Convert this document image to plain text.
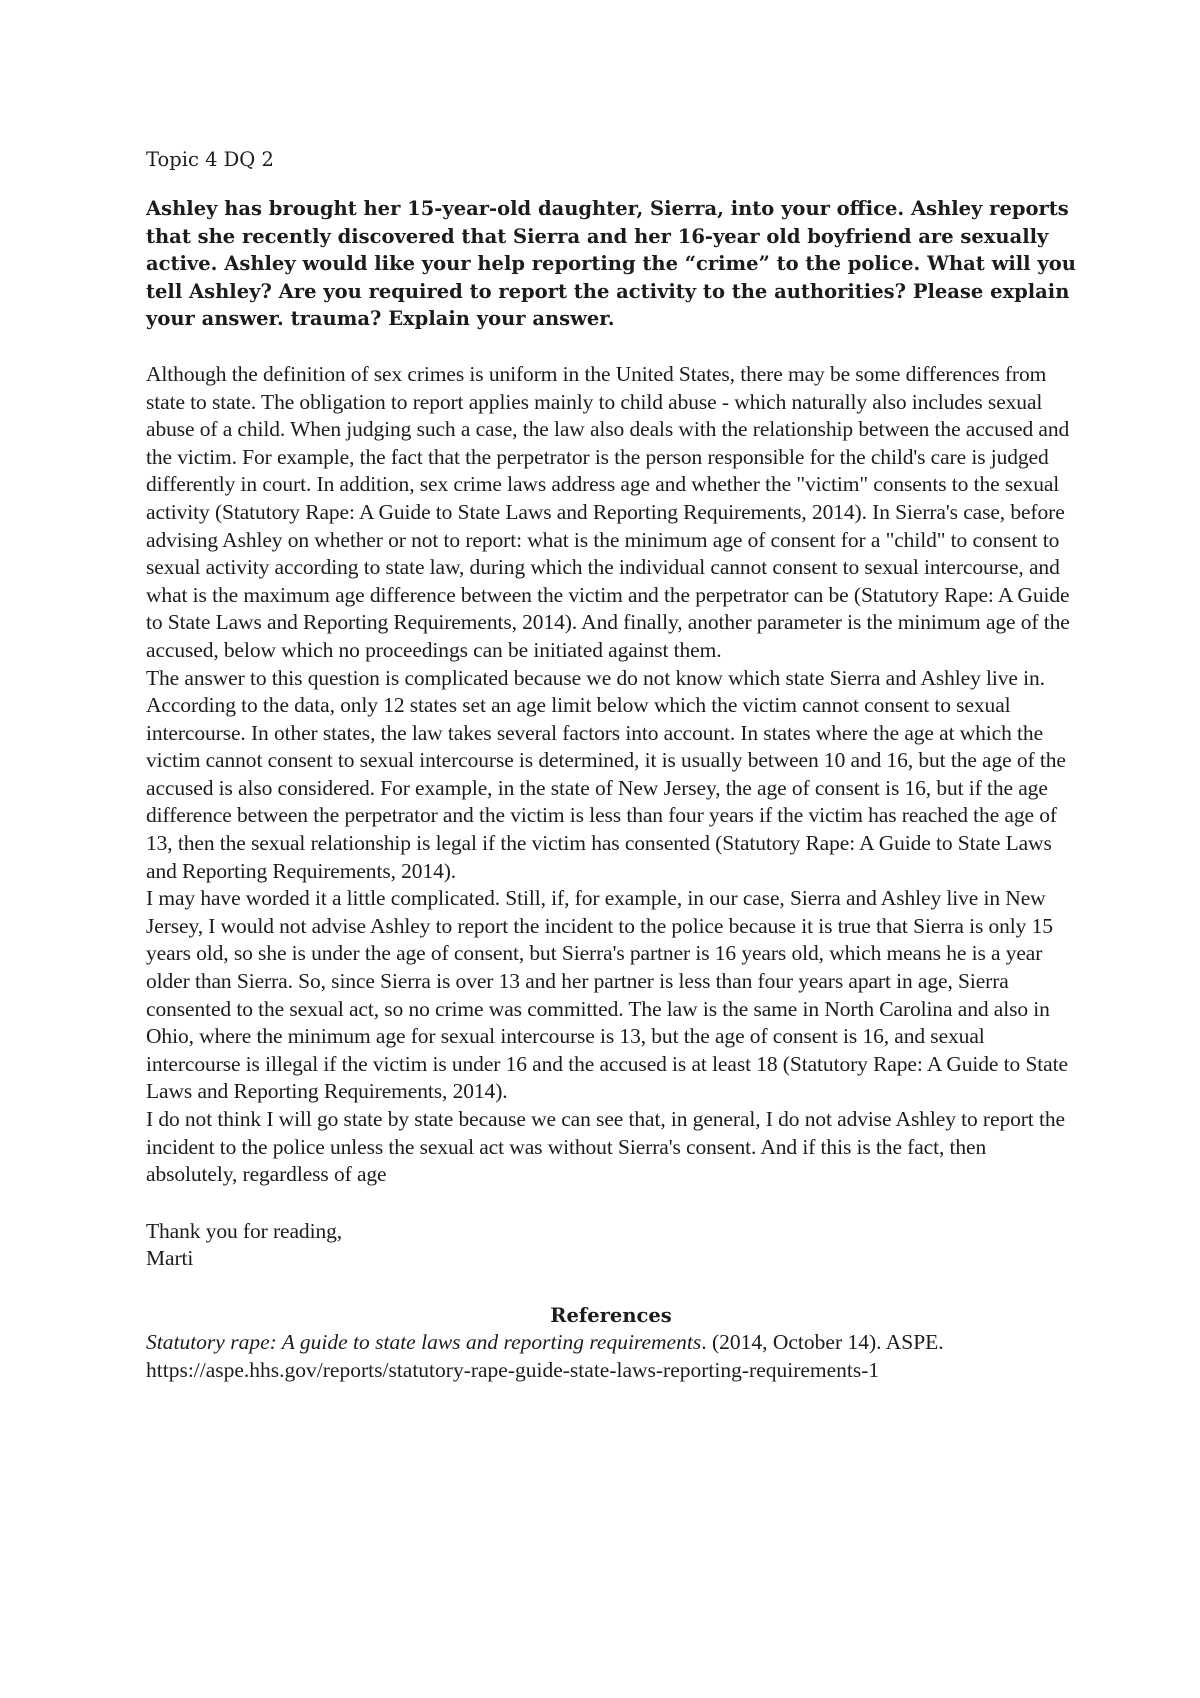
Topic 4 DQ 2
Ashley has brought her 15-year-old daughter, Sierra, into your office. Ashley reports that she recently discovered that Sierra and her 16-year old boyfriend are sexually active. Ashley would like your help reporting the “crime” to the police. What will you tell Ashley? Are you required to report the activity to the authorities? Please explain your answer. trauma? Explain your answer.

Although the definition of sex crimes is uniform in the United States, there may be some differences from state to state. The obligation to report applies mainly to child abuse - which naturally also includes sexual abuse of a child. When judging such a case, the law also deals with the relationship between the accused and the victim. For example, the fact that the perpetrator is the person responsible for the child's care is judged differently in court. In addition, sex crime laws address age and whether the "victim" consents to the sexual activity (Statutory Rape: A Guide to State Laws and Reporting Requirements, 2014). In Sierra's case, before advising Ashley on whether or not to report: what is the minimum age of consent for a "child" to consent to sexual activity according to state law, during which the individual cannot consent to sexual intercourse, and what is the maximum age difference between the victim and the perpetrator can be (Statutory Rape: A Guide to State Laws and Reporting Requirements, 2014). And finally, another parameter is the minimum age of the accused, below which no proceedings can be initiated against them.

The answer to this question is complicated because we do not know which state Sierra and Ashley live in. According to the data, only 12 states set an age limit below which the victim cannot consent to sexual intercourse. In other states, the law takes several factors into account. In states where the age at which the victim cannot consent to sexual intercourse is determined, it is usually between 10 and 16, but the age of the accused is also considered. For example, in the state of New Jersey, the age of consent is 16, but if the age difference between the perpetrator and the victim is less than four years if the victim has reached the age of 13, then the sexual relationship is legal if the victim has consented (Statutory Rape: A Guide to State Laws and Reporting Requirements, 2014).

I may have worded it a little complicated. Still, if, for example, in our case, Sierra and Ashley live in New Jersey, I would not advise Ashley to report the incident to the police because it is true that Sierra is only 15 years old, so she is under the age of consent, but Sierra's partner is 16 years old, which means he is a year older than Sierra. So, since Sierra is over 13 and her partner is less than four years apart in age, Sierra consented to the sexual act, so no crime was committed. The law is the same in North Carolina and also in Ohio, where the minimum age for sexual intercourse is 13, but the age of consent is 16, and sexual intercourse is illegal if the victim is under 16 and the accused is at least 18 (Statutory Rape: A Guide to State Laws and Reporting Requirements, 2014).

I do not think I will go state by state because we can see that, in general, I do not advise Ashley to report the incident to the police unless the sexual act was without Sierra's consent. And if this is the fact, then absolutely, regardless of age

Thank you for reading,

Marti

References

Statutory rape: A guide to state laws and reporting requirements. (2014, October 14). ASPE.
https://aspe.hhs.gov/reports/statutory-rape-guide-state-laws-reporting-requirements-1
